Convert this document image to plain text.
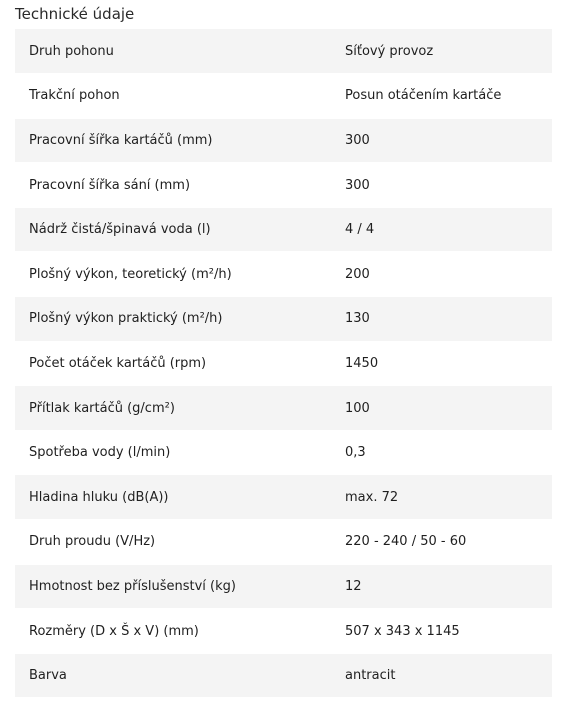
Technické údaje
Druh pohonu	Síťový provoz
Trakční pohon	Posun otáčením kartáče
Pracovní šířka kartáčů (mm)	300
Pracovní šířka sání (mm)	300
Nádrž čistá/špinavá voda (l)	4 / 4
Plošný výkon, teoretický (m²/h)	200
Plošný výkon praktický (m²/h)	130
Počet otáček kartáčů (rpm)	1450
Přítlak kartáčů (g/cm²)	100
Spotřeba vody (l/min)	0,3
Hladina hluku (dB(A))	max. 72
Druh proudu (V/Hz)	220 - 240 / 50 - 60
Hmotnost bez příslušenství (kg)	12
Rozměry (D x Š x V) (mm)	507 x 343 x 1145
Barva	antracit
